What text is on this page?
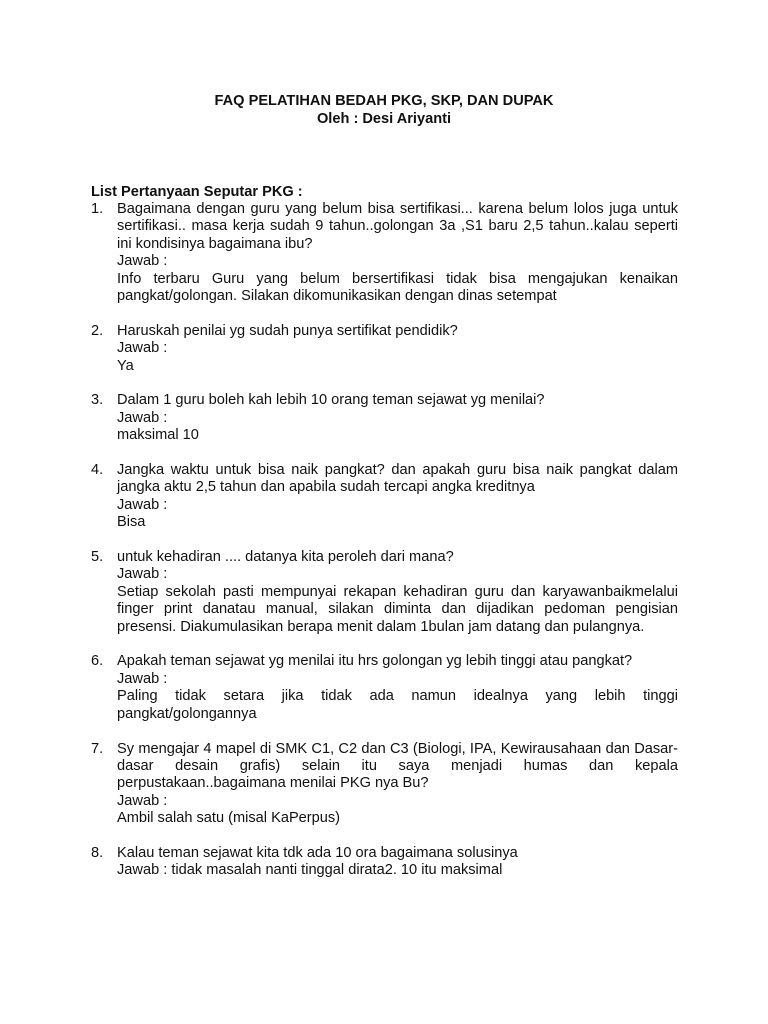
FAQ PELATIHAN BEDAH PKG, SKP, DAN DUPAK
Oleh : Desi Ariyanti
List Pertanyaan Seputar PKG :
1. Bagaimana dengan guru yang belum bisa sertifikasi... karena belum lolos juga untuk sertifikasi.. masa kerja sudah 9 tahun..golongan 3a ,S1 baru 2,5 tahun..kalau seperti ini kondisinya bagaimana ibu?
Jawab :
Info terbaru Guru yang belum bersertifikasi tidak bisa mengajukan kenaikan pangkat/golongan. Silakan dikomunikasikan dengan dinas setempat
2. Haruskah penilai yg sudah punya sertifikat pendidik?
Jawab :
Ya
3. Dalam 1 guru boleh kah lebih 10 orang teman sejawat yg menilai?
Jawab :
maksimal 10
4. Jangka waktu untuk bisa naik pangkat? dan apakah guru bisa naik pangkat dalam jangka aktu 2,5 tahun dan apabila sudah tercapi angka kreditnya
Jawab :
Bisa
5. untuk kehadiran .... datanya kita peroleh dari mana?
Jawab :
Setiap sekolah pasti mempunyai rekapan kehadiran guru dan karyawanbaikmelalui finger print danatau manual, silakan diminta dan dijadikan pedoman pengisian presensi. Diakumulasikan berapa menit dalam 1bulan jam datang dan pulangnya.
6. Apakah teman sejawat yg menilai itu hrs golongan yg lebih tinggi atau pangkat?
Jawab :
Paling tidak setara jika tidak ada namun idealnya yang lebih tinggi pangkat/golongannya
7. Sy mengajar 4 mapel di SMK C1, C2 dan C3 (Biologi, IPA, Kewirausahaan dan Dasar-dasar desain grafis) selain itu saya menjadi humas dan kepala perpustakaan..bagaimana menilai PKG nya Bu?
Jawab :
Ambil salah satu (misal KaPerpus)
8. Kalau teman sejawat kita tdk ada 10 ora bagaimana solusinya
Jawab : tidak masalah nanti tinggal dirata2. 10 itu maksimal
